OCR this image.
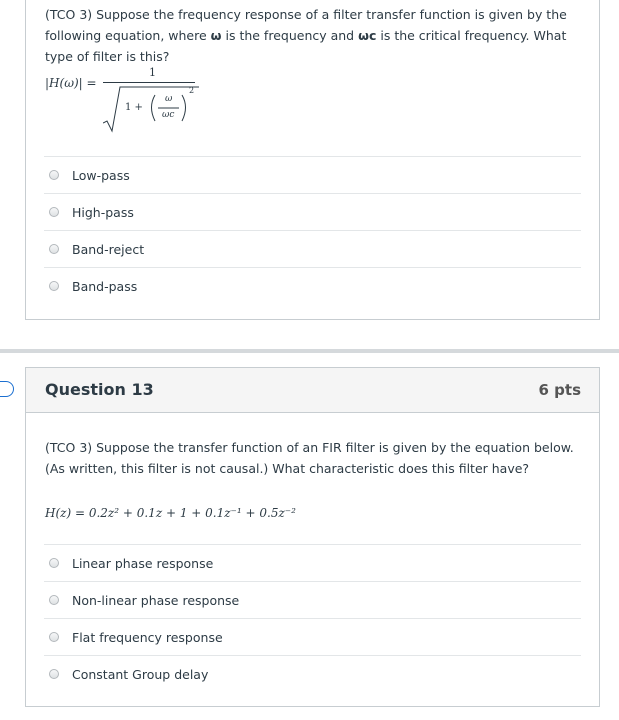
(TCO 3) Suppose the frequency response of a filter transfer function is given by the following equation, where ω is the frequency and ωc is the critical frequency. What type of filter is this?
|H(ω)| =
1
1 +
ω
ωc
2
Low-pass
High-pass
Band-reject
Band-pass
Question 13	6 pts
(TCO 3) Suppose the transfer function of an FIR filter is given by the equation below. (As written, this filter is not causal.) What characteristic does this filter have?
H(z) = 0.2z² + 0.1z + 1 + 0.1z⁻¹ + 0.5z⁻²
Linear phase response
Non-linear phase response
Flat frequency response
Constant Group delay
